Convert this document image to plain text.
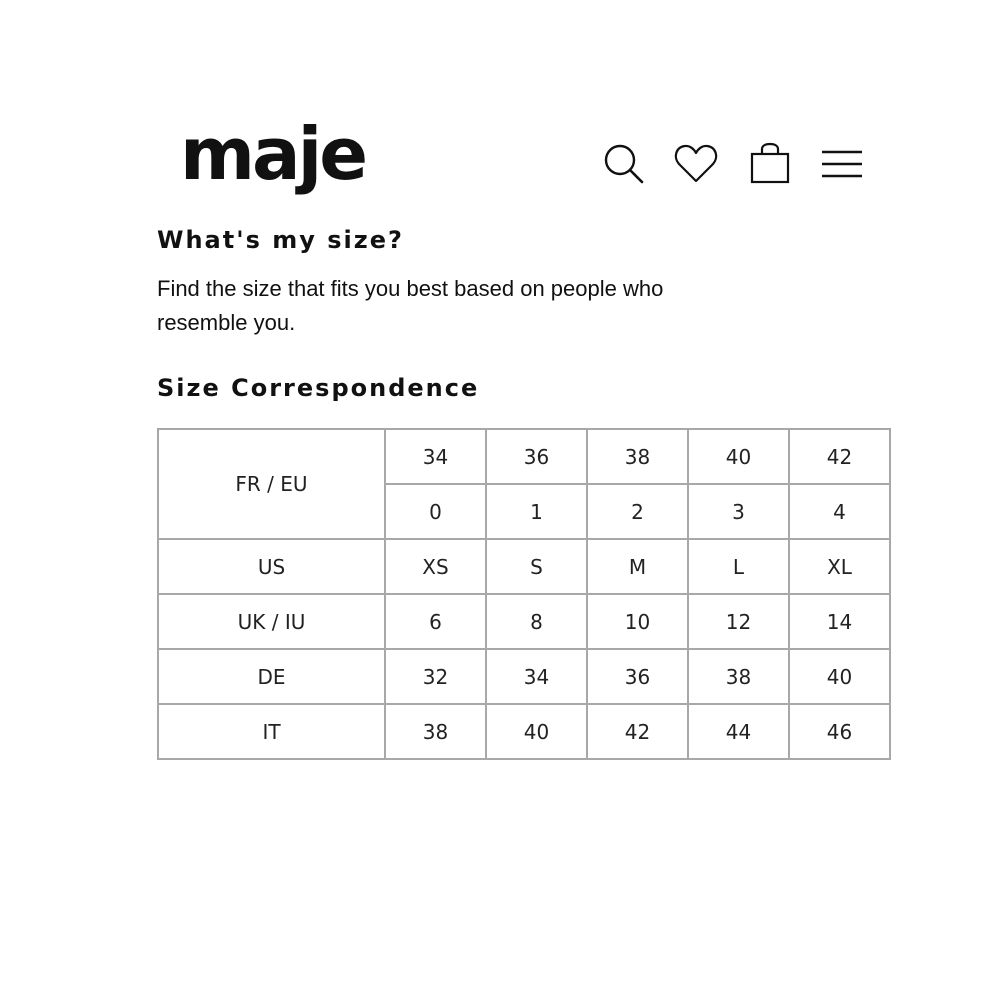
maje
What's my size?

Find the size that fits you best based on people who resemble you.

Size Correspondence
FR / EU	34	36	38	40	42
	0	1	2	3	4
US	XS	S	M	L	XL
UK / IU	6	8	10	12	14
DE	32	34	36	38	40
IT	38	40	42	44	46
